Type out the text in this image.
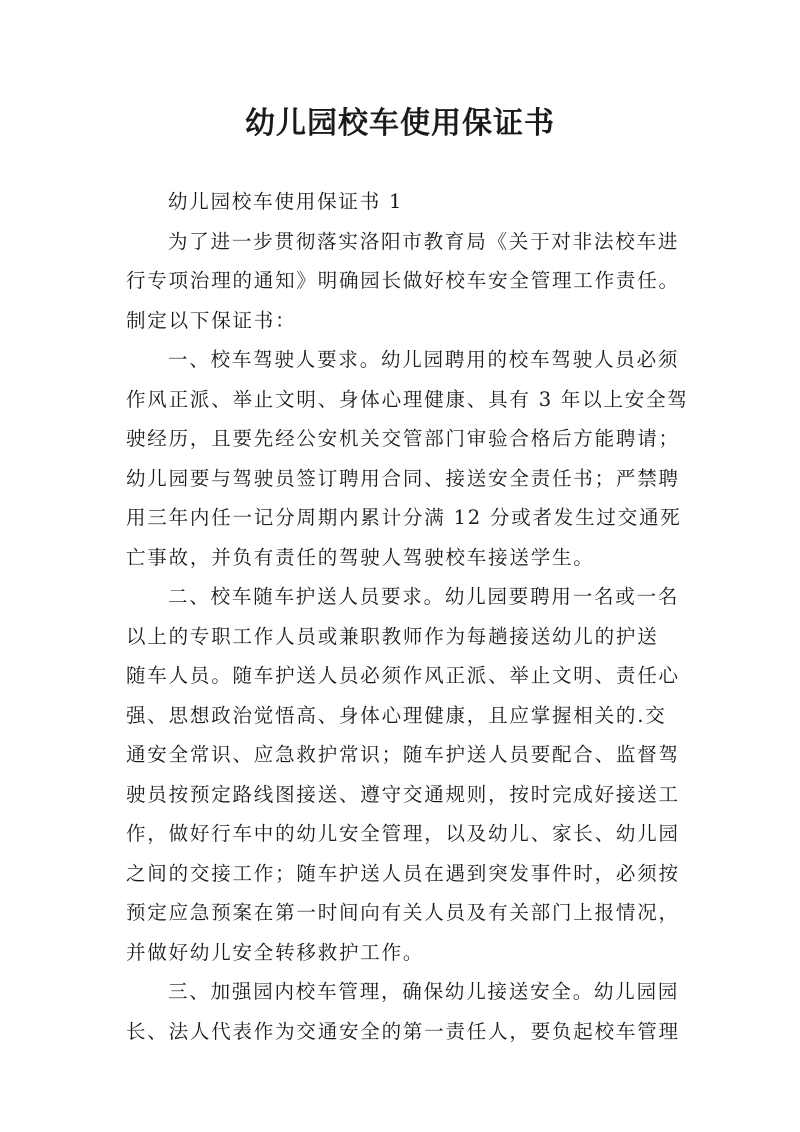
幼儿园校车使用保证书
幼儿园校车使用保证书 1
为了进一步贯彻落实洛阳市教育局《关于对非法校车进
行专项治理的通知》明确园长做好校车安全管理工作责任。
制定以下保证书：
一、校车驾驶人要求。幼儿园聘用的校车驾驶人员必须
作风正派、举止文明、身体心理健康、具有 3 年以上安全驾
驶经历，且要先经公安机关交管部门审验合格后方能聘请；
幼儿园要与驾驶员签订聘用合同、接送安全责任书；严禁聘
用三年内任一记分周期内累计分满 12 分或者发生过交通死
亡事故，并负有责任的驾驶人驾驶校车接送学生。
二、校车随车护送人员要求。幼儿园要聘用一名或一名
以上的专职工作人员或兼职教师作为每趟接送幼儿的护送
随车人员。随车护送人员必须作风正派、举止文明、责任心
强、思想政治觉悟高、身体心理健康，且应掌握相关的.交
通安全常识、应急救护常识；随车护送人员要配合、监督驾
驶员按预定路线图接送、遵守交通规则，按时完成好接送工
作，做好行车中的幼儿安全管理，以及幼儿、家长、幼儿园
之间的交接工作；随车护送人员在遇到突发事件时，必须按
预定应急预案在第一时间向有关人员及有关部门上报情况，
并做好幼儿安全转移救护工作。
三、加强园内校车管理，确保幼儿接送安全。幼儿园园
长、法人代表作为交通安全的第一责任人，要负起校车管理
